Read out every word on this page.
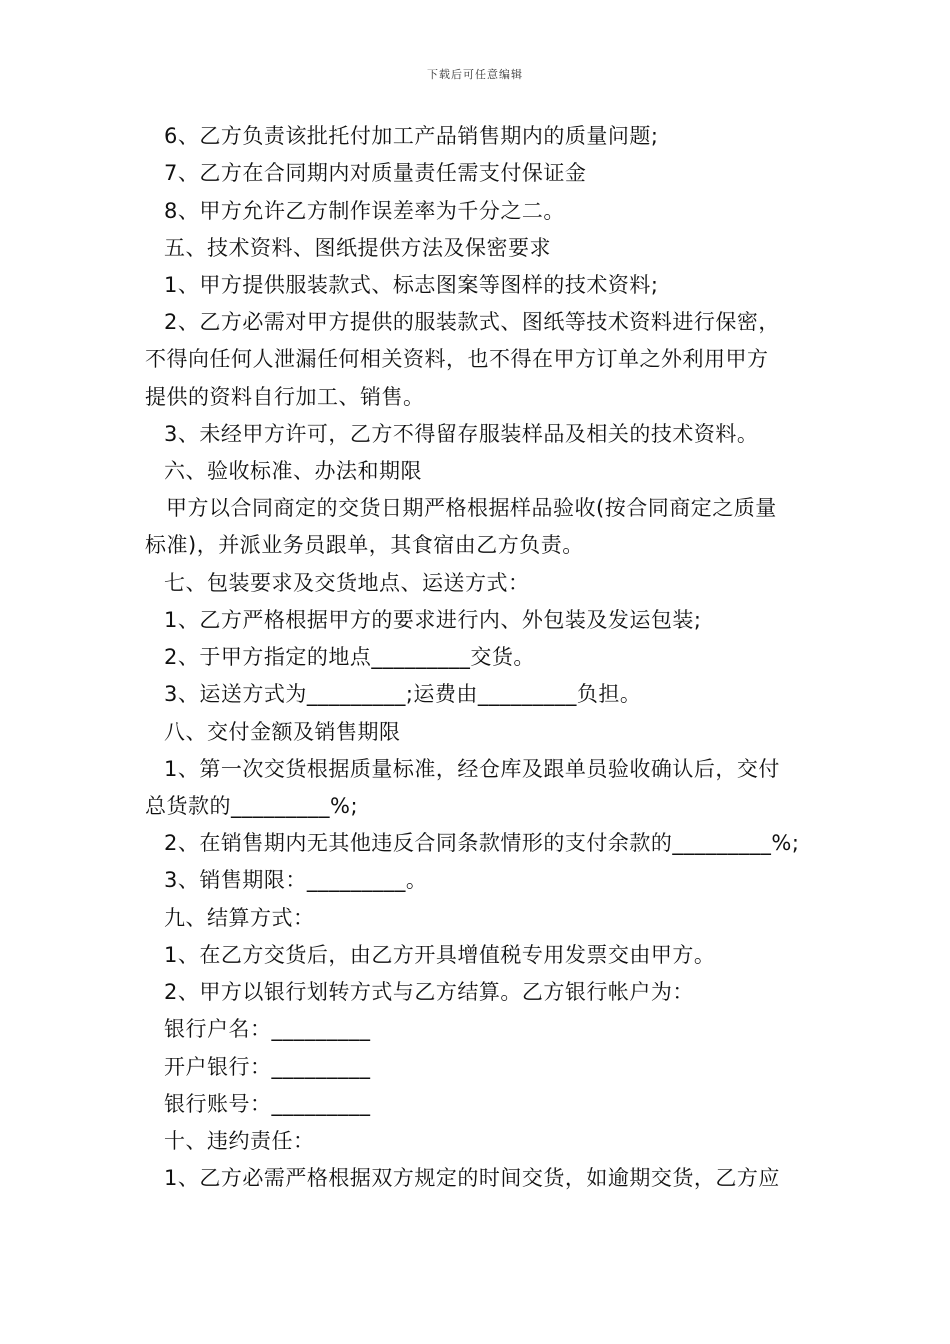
下载后可任意编辑
6、乙方负责该批托付加工产品销售期内的质量问题;
7、乙方在合同期内对质量责任需支付保证金
8、甲方允许乙方制作误差率为千分之二。
五、技术资料、图纸提供方法及保密要求
1、甲方提供服装款式、标志图案等图样的技术资料;
2、乙方必需对甲方提供的服装款式、图纸等技术资料进行保密，
不得向任何人泄漏任何相关资料，也不得在甲方订单之外利用甲方
提供的资料自行加工、销售。
3、未经甲方许可，乙方不得留存服装样品及相关的技术资料。
六、验收标准、办法和期限
甲方以合同商定的交货日期严格根据样品验收(按合同商定之质量
标准)，并派业务员跟单，其食宿由乙方负责。
七、包装要求及交货地点、运送方式：
1、乙方严格根据甲方的要求进行内、外包装及发运包装;
2、于甲方指定的地点_________交货。
3、运送方式为_________;运费由_________负担。
八、交付金额及销售期限
1、第一次交货根据质量标准，经仓库及跟单员验收确认后，交付
总货款的_________%;
2、在销售期内无其他违反合同条款情形的支付余款的_________%;
3、销售期限：_________。
九、结算方式：
1、在乙方交货后，由乙方开具增值税专用发票交由甲方。
2、甲方以银行划转方式与乙方结算。乙方银行帐户为：
银行户名：_________
开户银行：_________
银行账号：_________
十、违约责任：
1、乙方必需严格根据双方规定的时间交货，如逾期交货，乙方应
